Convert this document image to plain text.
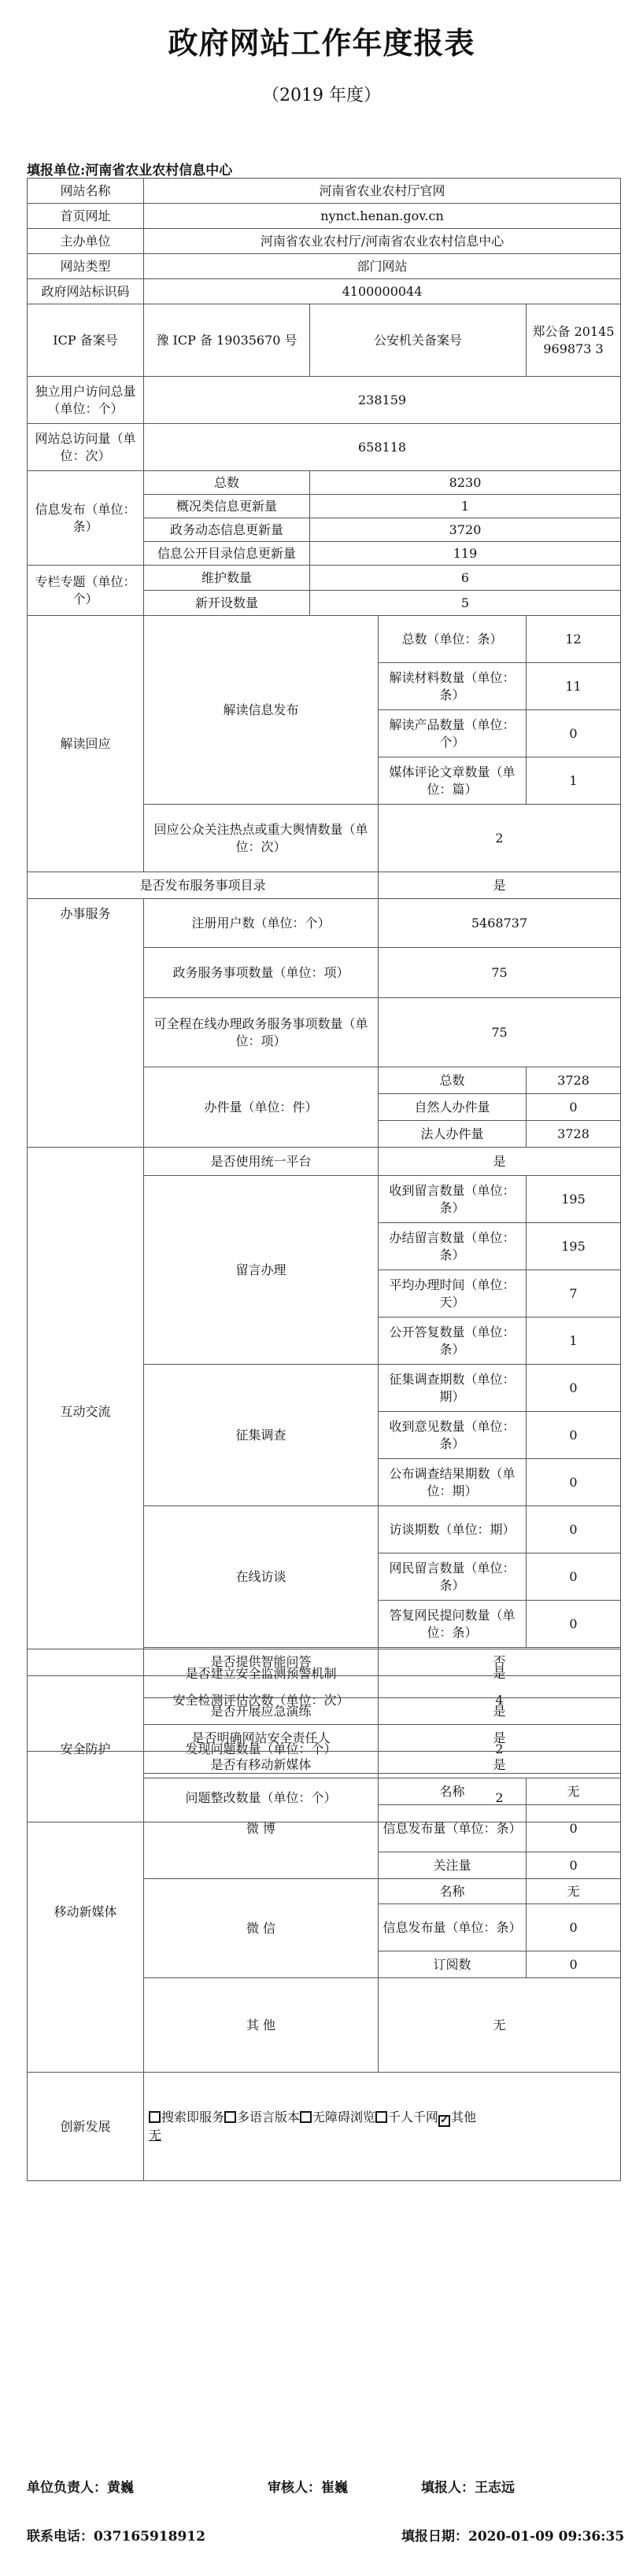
政府网站工作年度报表
（2019 年度）
填报单位:河南省农业农村信息中心
网站名称	河南省农业农村厅官网			
首页网址	nynct.henan.gov.cn			
主办单位	河南省农业农村厅/河南省农业农村信息中心			
网站类型	部门网站			
政府网站标识码	4100000044			
ICP 备案号	豫 ICP 备 19035670 号	公安机关备案号		郑公备 20145969873 3
独立用户访问总量（单位：个）	238159			
网站总访问量（单位：次）	658118			
信息发布（单位：条）	总数	8230		
	概况类信息更新量	1		
	政务动态信息更新量	3720		
	信息公开目录信息更新量	119		
专栏专题（单位：个）	维护数量	6		
	新开设数量	5		
解读回应	解读信息发布		总数（单位：条）	12
			解读材料数量（单位：条）	11
			解读产品数量（单位：个）	0
			媒体评论文章数量（单位：篇）	1
	回应公众关注热点或重大舆情数量（单位：次）		2	
是否发布服务事项目录			是	
办事服务	注册用户数（单位：个）		5468737	
	政务服务事项数量（单位：项）		75	
	可全程在线办理政务服务事项数量（单位：项）		75	
	办件量（单位：件）		总数	3728
			自然人办件量	0
			法人办件量	3728
互动交流	是否使用统一平台		是	
	留言办理		收到留言数量（单位：条）	195
			办结留言数量（单位：条）	195
			平均办理时间（单位：天）	7
			公开答复数量（单位：条）	1
	征集调查		征集调查期数（单位：期）	0
			收到意见数量（单位：条）	0
			公布调查结果期数（单位：期）	0
	在线访谈		访谈期数（单位：期）	0
			网民留言数量（单位：条）	0
			答复网民提问数量（单位：条）	0
	是否提供智能问答		否	
安全防护	安全检测评估次数（单位：次）		4	
	发现问题数量（单位：个）		2	
	问题整改数量（单位：个）		2	
	是否建立安全监测预警机制	是	
	是否开展应急演练	是	
	是否明确网站安全责任人	是	
移动新媒体	是否有移动新媒体	是	
	微 博	名称	无
		信息发布量（单位：条）	0
		关注量	0
	微 信	名称	无
		信息发布量（单位：条）	0
		订阅数	0
	其 他	无	
创新发展	搜索即服务 多语言版本 无障碍浏览 千人千网 ✓ 其他
无		
单位负责人：黄巍	审核人：崔巍	填报人：王志远
联系电话：037165918912	填报日期：2020-01-09 09:36:35
